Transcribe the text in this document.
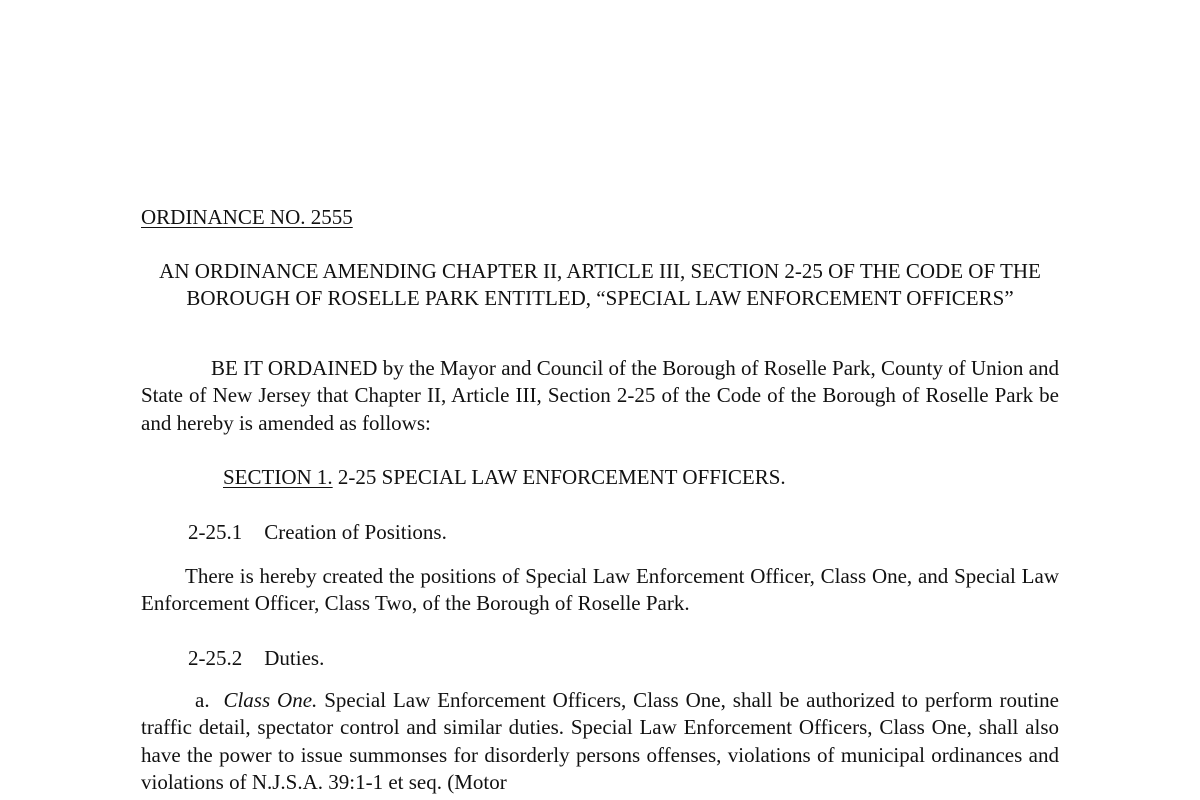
ORDINANCE NO. 2555
AN ORDINANCE AMENDING CHAPTER II, ARTICLE III, SECTION 2-25 OF THE CODE OF THE BOROUGH OF ROSELLE PARK ENTITLED, “SPECIAL LAW ENFORCEMENT OFFICERS”
BE IT ORDAINED by the Mayor and Council of the Borough of Roselle Park, County of Union and State of New Jersey that Chapter II, Article III, Section 2-25 of the Code of the Borough of Roselle Park be and hereby is amended as follows:
SECTION 1. 2-25 SPECIAL LAW ENFORCEMENT OFFICERS.
2-25.1 Creation of Positions.
There is hereby created the positions of Special Law Enforcement Officer, Class One, and Special Law Enforcement Officer, Class Two, of the Borough of Roselle Park.
2-25.2 Duties.
a. Class One. Special Law Enforcement Officers, Class One, shall be authorized to perform routine traffic detail, spectator control and similar duties. Special Law Enforcement Officers, Class One, shall also have the power to issue summonses for disorderly persons offenses, violations of municipal ordinances and violations of N.J.S.A. 39:1-1 et seq. (Motor
